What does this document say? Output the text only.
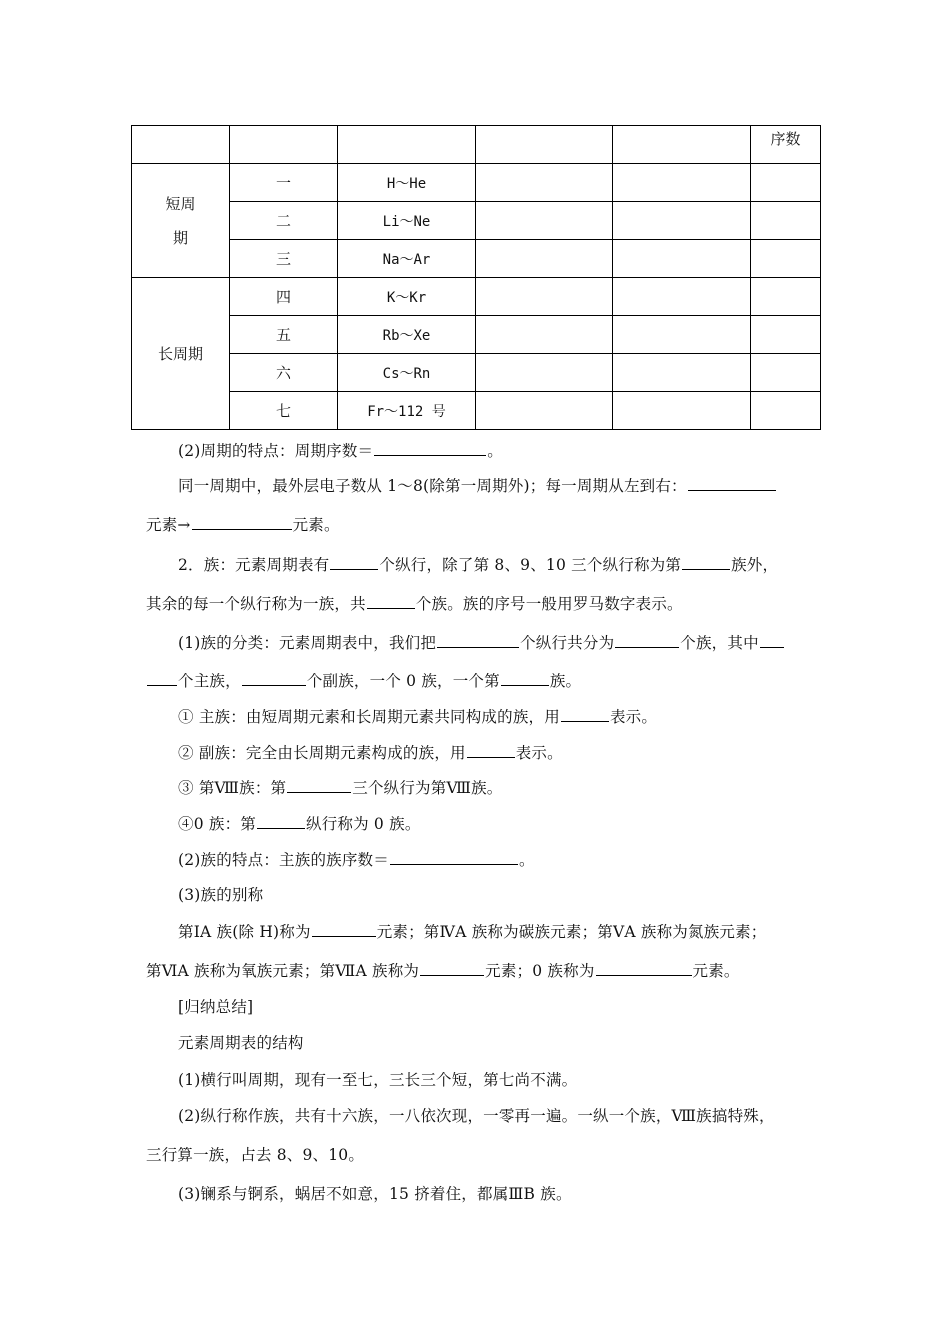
					序数
短周
期	一	H～He			
	二	Li～Ne			
	三	Na～Ar			
长周期	四	K～Kr			
	五	Rb～Xe			
	六	Cs～Rn			
	七	Fr～112 号			
(2)周期的特点：周期序数＝	。
同一周期中，最外层电子数从 1～8(除第一周期外)；每一周期从左到右：
元素→	元素。
2．族：元素周期表有	个纵行，除了第 8、9、10 三个纵行称为第	族外，
其余的每一个纵行称为一族，共	个族。族的序号一般用罗马数字表示。
(1)族的分类：元素周期表中，我们把	个纵行共分为	个族，其中
个主族，	个副族，一个 0 族，一个第	族。
① 主族：由短周期元素和长周期元素共同构成的族，用	表示。
② 副族：完全由长周期元素构成的族，用	表示。
③ 第Ⅷ族：第	三个纵行为第Ⅷ族。
④0 族：第	纵行称为 0 族。
(2)族的特点：主族的族序数＝	。
(3)族的别称
第ⅠA 族(除 H)称为	元素；第ⅣA 族称为碳族元素；第ⅤA 族称为氮族元素；
第ⅥA 族称为氧族元素；第ⅦA 族称为	元素；0 族称为	元素。
[归纳总结]
元素周期表的结构
(1)横行叫周期，现有一至七，三长三个短，第七尚不满。
(2)纵行称作族，共有十六族，一八依次现，一零再一遍。一纵一个族，Ⅷ族搞特殊，
三行算一族，占去 8、9、10。
(3)镧系与锕系，蜗居不如意，15 挤着住，都属ⅢB 族。
